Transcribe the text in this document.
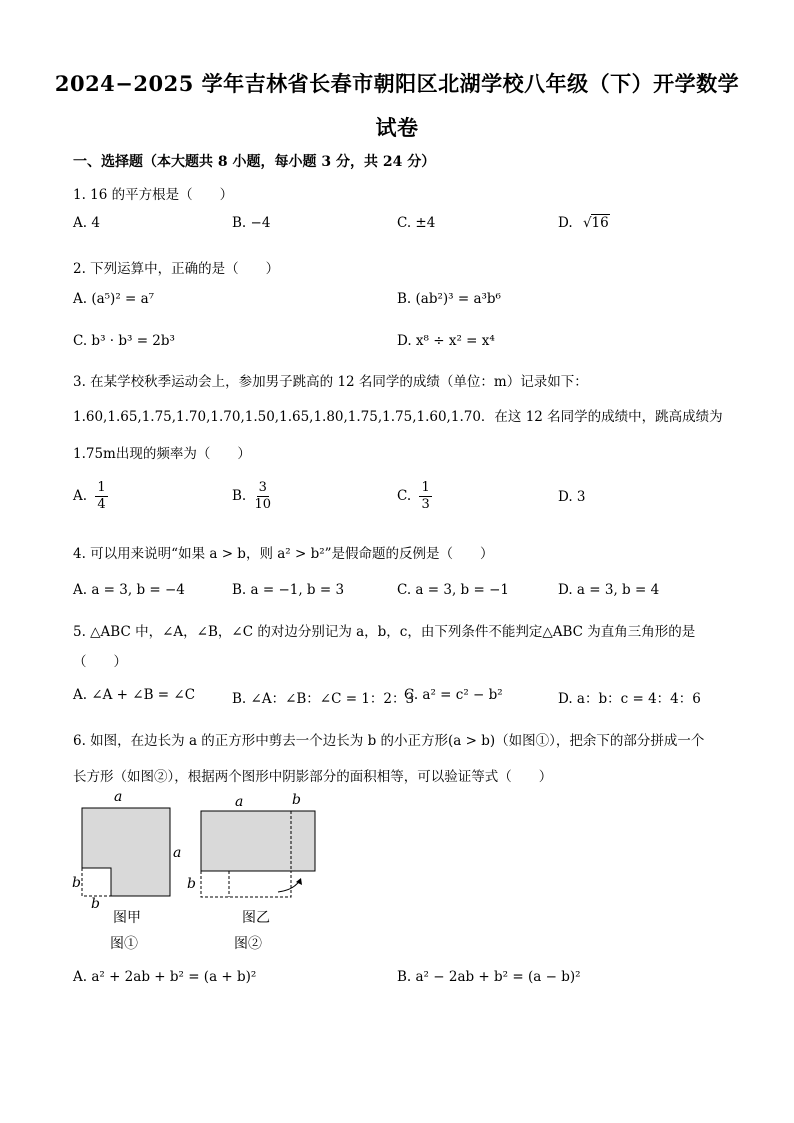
2024−2025 学年吉林省长春市朝阳区北湖学校八年级（下）开学数学
试卷
一、选择题（本大题共 8 小题，每小题 3 分，共 24 分）
1. 16 的平方根是（　　）
A. 4	B. −4	C. ±4	D. √16
2. 下列运算中，正确的是（　　）
A. (a⁵)² = a⁷	B. (ab²)³ = a³b⁶
C. b³ · b³ = 2b³	D. x⁸ ÷ x² = x⁴
3. 在某学校秋季运动会上，参加男子跳高的 12 名同学的成绩（单位：m）记录如下：
1.60,1.65,1.75,1.70,1.70,1.50,1.65,1.80,1.75,1.75,1.60,1.70．在这 12 名同学的成绩中，跳高成绩为
1.75m出现的频率为（　　）
A. $\frac{1}{4}$	B. $\frac{3}{10}$	C. $\frac{1}{3}$	D. 3
4. 可以用来说明“如果 a > b，则 a² > b²”是假命题的反例是（　　）
A. a = 3, b = −4	B. a = −1, b = 3	C. a = 3, b = −1	D. a = 3, b = 4
5. △ABC 中，∠A，∠B，∠C 的对边分别记为 a，b，c，由下列条件不能判定△ABC 为直角三角形的是
（　　）
A. ∠A + ∠B = ∠C	B. ∠A：∠B：∠C = 1：2：3
C. a² = c² − b²	D. a：b：c = 4：4：6
6. 如图，在边长为 a 的正方形中剪去一个边长为 b 的小正方形(a > b)（如图①），把余下的部分拼成一个
长方形（如图②），根据两个图形中阴影部分的面积相等，可以验证等式（　　）
a
a
b
b
图甲
图①
a	b
b
图乙
图②
A. a² + 2ab + b² = (a + b)²	B. a² − 2ab + b² = (a − b)²
